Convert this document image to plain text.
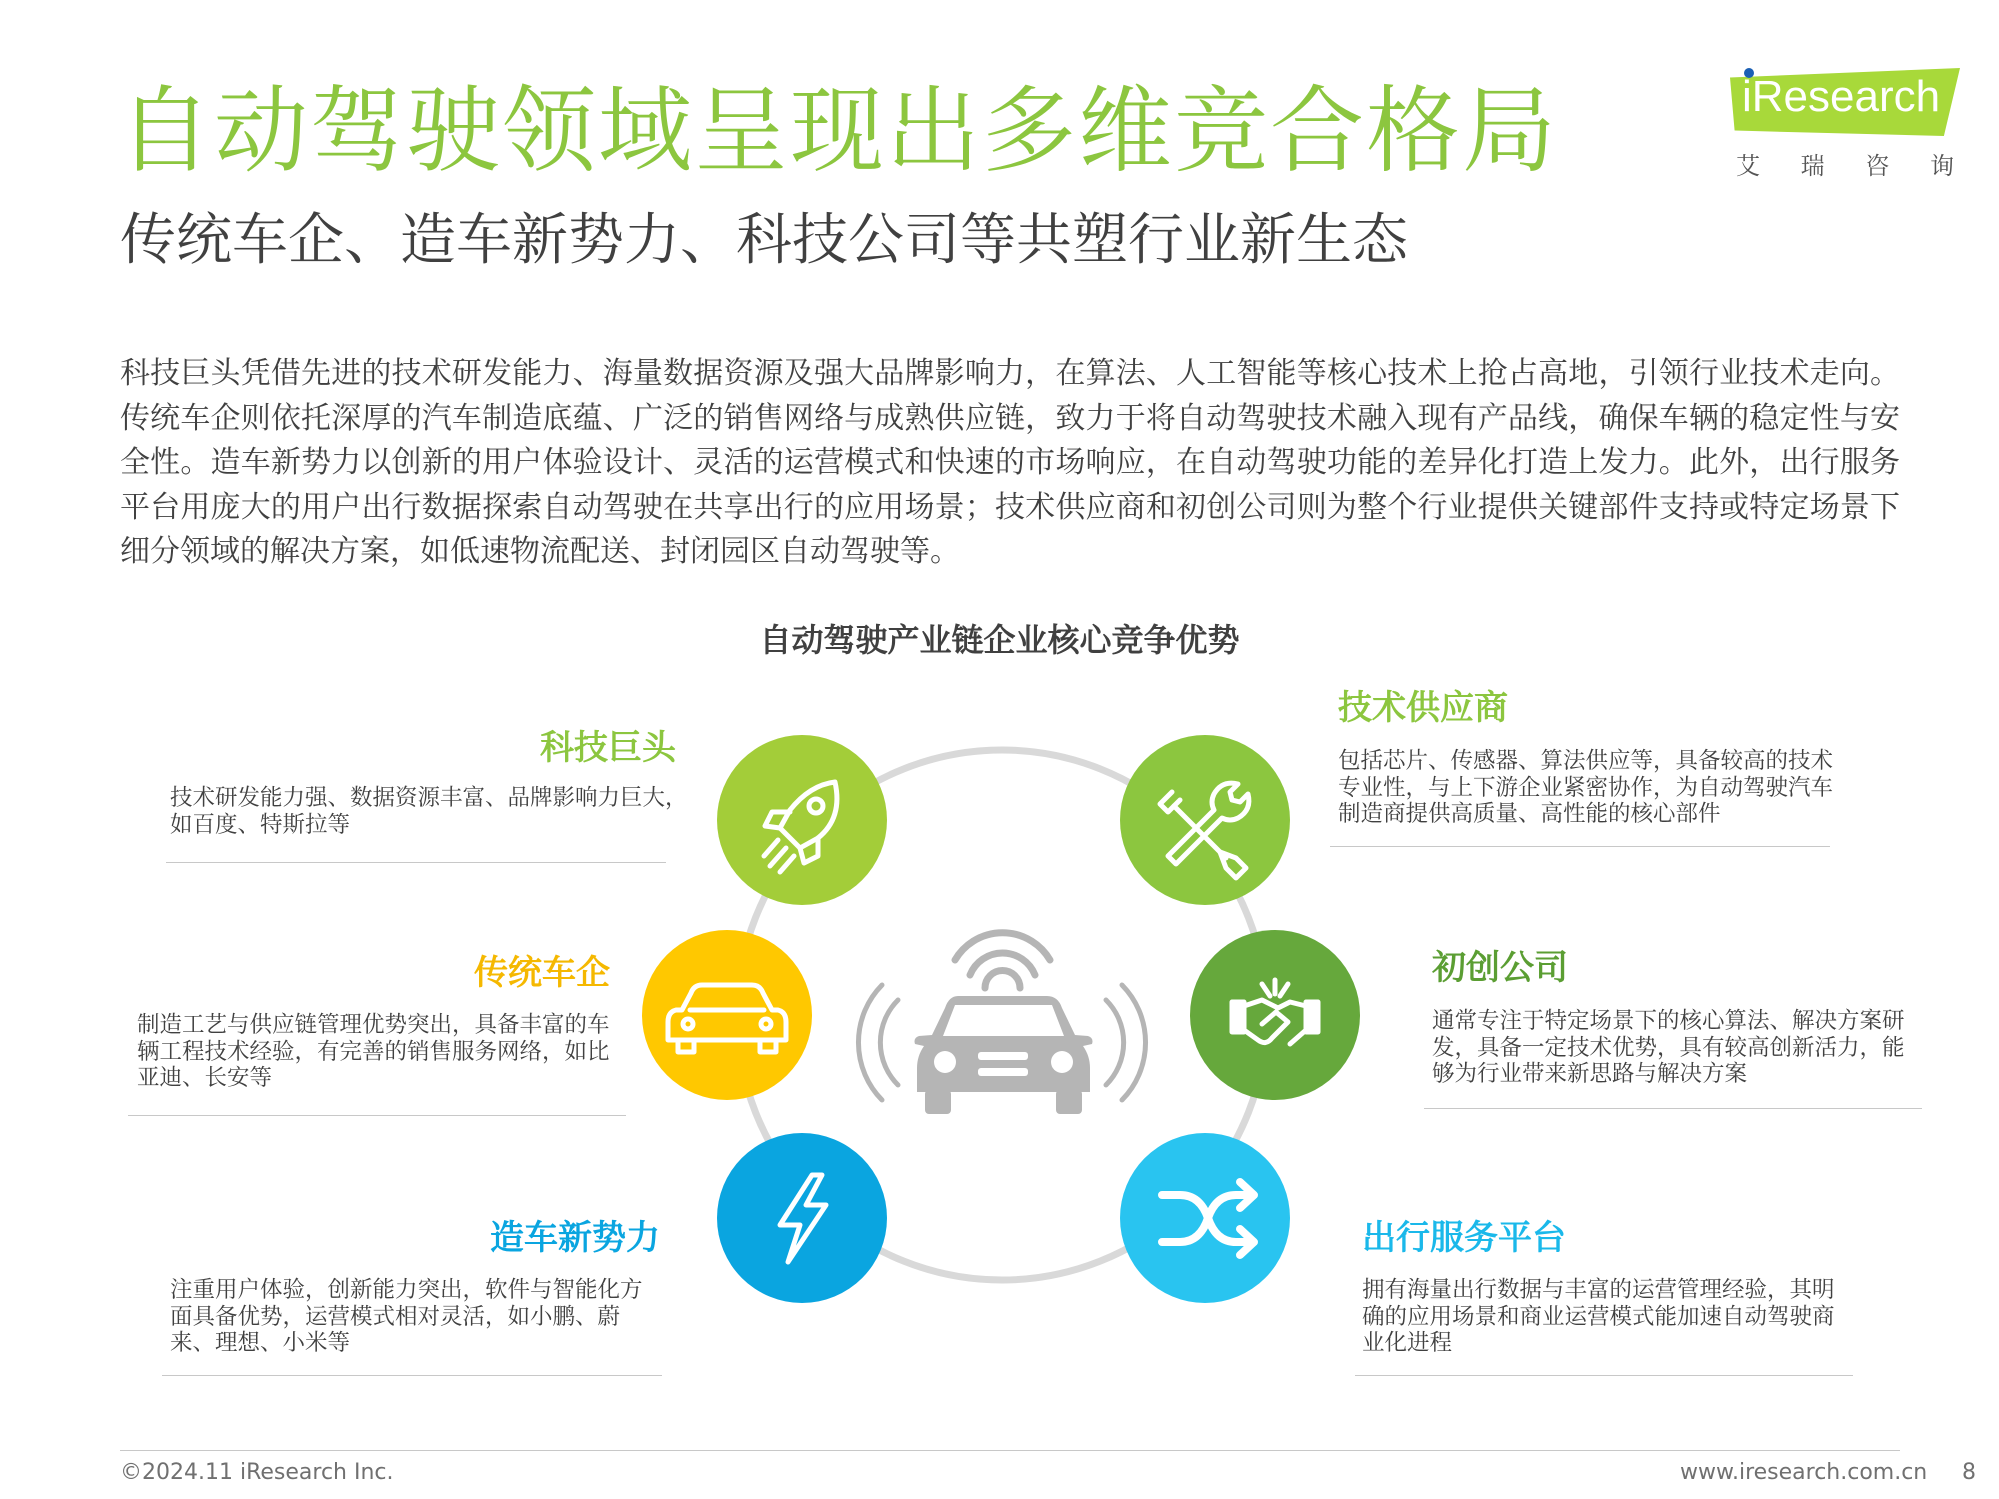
自动驾驶领域呈现出多维竞合格局
传统车企、造车新势力、科技公司等共塑行业新生态
iResearch
艾 瑞 咨 询

科技巨头凭借先进的技术研发能力、海量数据资源及强大品牌影响力，在算法、人工智能等核心技术上抢占高地，引领行业技术走向。传统车企则依托深厚的汽车制造底蕴、广泛的销售网络与成熟供应链，致力于将自动驾驶技术融入现有产品线，确保车辆的稳定性与安全性。造车新势力以创新的用户体验设计、灵活的运营模式和快速的市场响应，在自动驾驶功能的差异化打造上发力。此外，出行服务平台用庞大的用户出行数据探索自动驾驶在共享出行的应用场景；技术供应商和初创公司则为整个行业提供关键部件支持或特定场景下细分领域的解决方案，如低速物流配送、封闭园区自动驾驶等。

自动驾驶产业链企业核心竞争优势
科技巨头
技术研发能力强、数据资源丰富、品牌影响力巨大，如百度、特斯拉等
传统车企
制造工艺与供应链管理优势突出，具备丰富的车辆工程技术经验，有完善的销售服务网络，如比亚迪、长安等
造车新势力
注重用户体验，创新能力突出，软件与智能化方面具备优势，运营模式相对灵活，如小鹏、蔚来、理想、小米等
技术供应商
包括芯片、传感器、算法供应等，具备较高的技术专业性，与上下游企业紧密协作，为自动驾驶汽车制造商提供高质量、高性能的核心部件
初创公司
通常专注于特定场景下的核心算法、解决方案研发，具备一定技术优势，具有较高创新活力，能够为行业带来新思路与解决方案
出行服务平台
拥有海量出行数据与丰富的运营管理经验，其明确的应用场景和商业运营模式能加速自动驾驶商业化进程
©2024.11 iResearch Inc.	www.iresearch.com.cn 8
